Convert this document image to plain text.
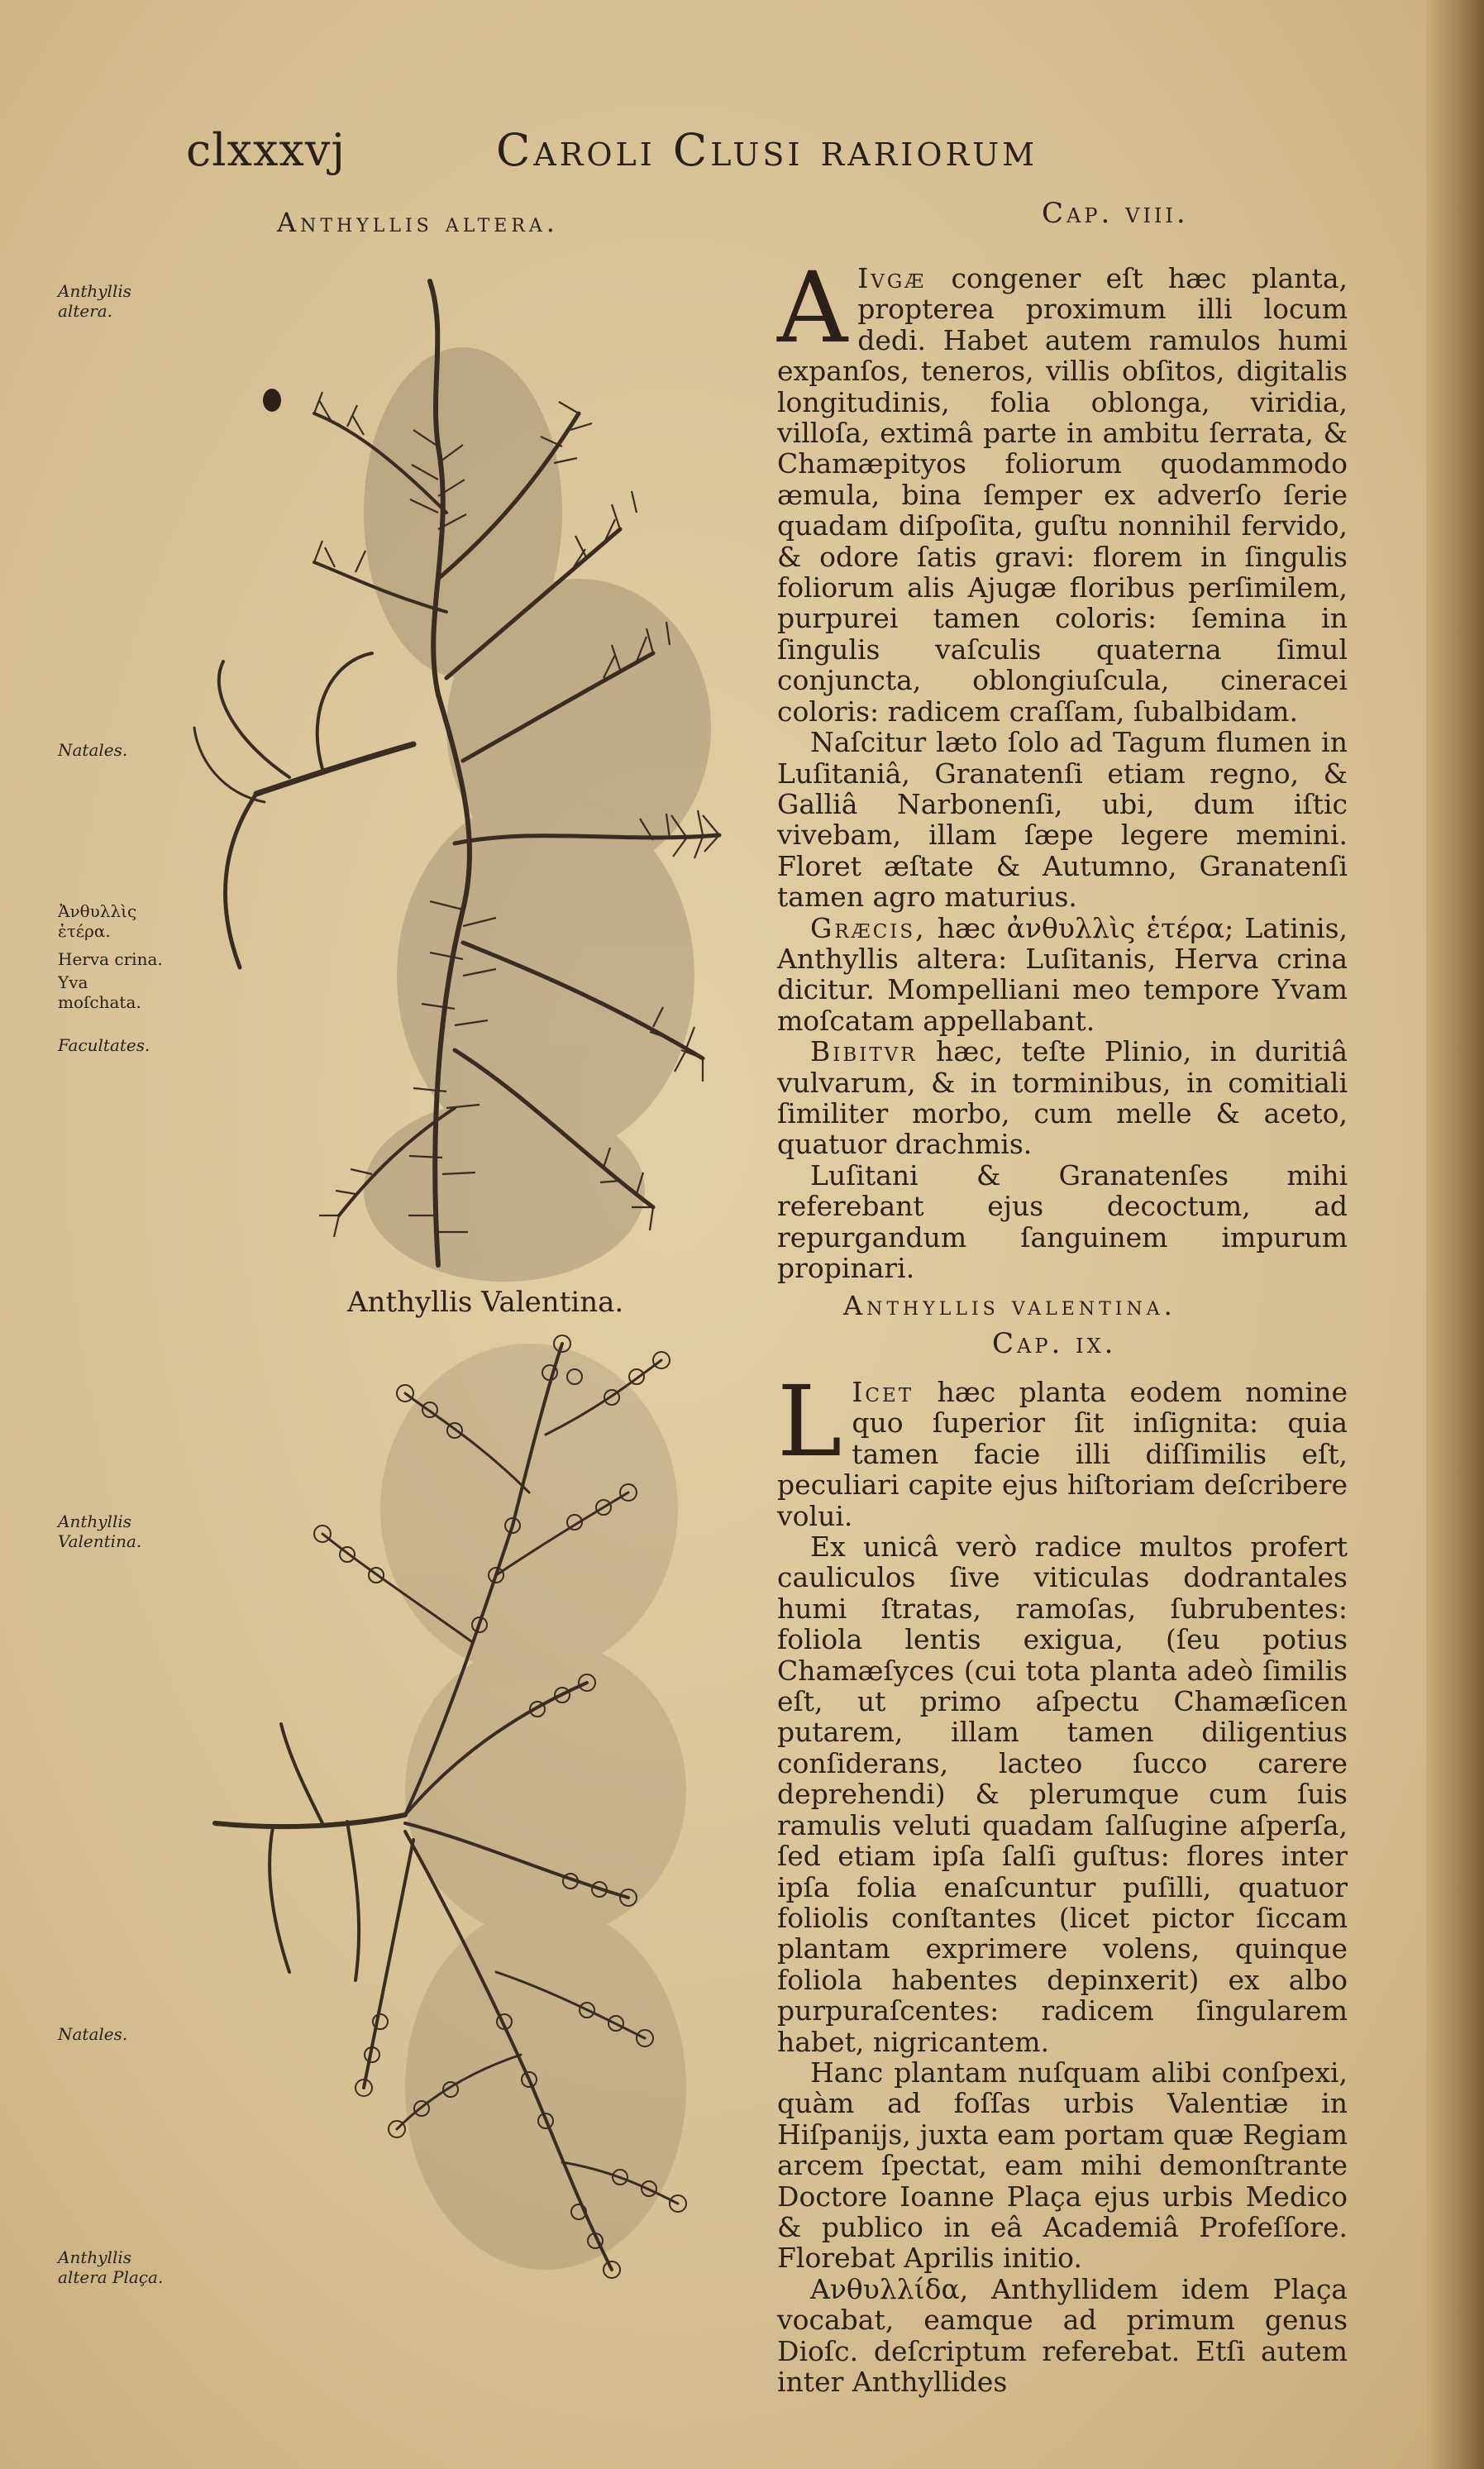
clxxxvj	Caroli Clusi rariorum
Anthyllis altera.	Cap. viii.
Anthyllis altera.
Natales.
Ἀνθυλλὶς ἑτέρα.
Herva crina.
Yva moſchata.
Facultates.
Anthyllis Valentina.
Natales.
Anthyllis altera Plaça.

A Ivgæ congener eſt hæc planta, propterea proximum illi locum dedi. Habet autem ramulos humi expanſos, teneros, villis obſitos, digitalis longitudinis, folia oblonga, viridia, villoſa, extimâ parte in ambitu ſerrata, & Chamæpityos foliorum quodammodo æmula, bina ſemper ex adverſo ſerie quadam diſpoſita, guſtu nonnihil fervido, & odore ſatis gravi: florem in ſingulis foliorum alis Ajugæ floribus perſimilem, purpurei tamen coloris: ſemina in ſingulis vaſculis quaterna ſimul conjuncta, oblongiuſcula, cineracei coloris: radicem craſſam, ſubalbidam.

Naſcitur læto ſolo ad Tagum flumen in Luſitaniâ, Granatenſi etiam regno, & Galliâ Narbonenſi, ubi, dum iſtic vivebam, illam ſæpe legere memini. Floret æſtate & Autumno, Granatenſi tamen agro maturius.

Græcis, hæc ἀνθυλλὶς ἑτέρα; Latinis, Anthyllis altera: Luſitanis, Herva crina dicitur. Mompelliani meo tempore Yvam moſcatam appellabant.

Bibitvr hæc, teſte Plinio, in duritiâ vulvarum, & in torminibus, in comitiali ſimiliter morbo, cum melle & aceto, quatuor drachmis.

Luſitani & Granatenſes mihi referebant ejus decoctum, ad repurgandum ſanguinem impurum propinari.

Anthyllis Valentina.	Anthyllis valentina.
Cap. ix.

L Icet hæc planta eodem nomine quo ſuperior ſit inſignita: quia tamen facie illi diſſimilis eſt, peculiari capite ejus hiſtoriam deſcribere volui.

Ex unicâ verò radice multos profert cauliculos ſive viticulas dodrantales humi ſtratas, ramoſas, ſubrubentes: foliola lentis exigua, (ſeu potius Chamæſyces (cui tota planta adeò ſimilis eſt, ut primo aſpectu Chamæſicen putarem, illam tamen diligentius conſiderans, lacteo ſucco carere deprehendi) & plerumque cum ſuis ramulis veluti quadam ſalſugine aſperſa, ſed etiam ipſa ſalſi guſtus: flores inter ipſa folia enaſcuntur puſilli, quatuor foliolis conſtantes (licet pictor ſiccam plantam exprimere volens, quinque foliola habentes depinxerit) ex albo purpuraſcentes: radicem ſingularem habet, nigricantem.

Hanc plantam nuſquam alibi conſpexi, quàm ad foſſas urbis Valentiæ in Hiſpanijs, juxta eam portam quæ Regiam arcem ſpectat, eam mihi demonſtrante Doctore Ioanne Plaça ejus urbis Medico & publico in eâ Academiâ Profeſſore. Florebat Aprilis initio.

Ανθυλλίδα, Anthyllidem idem Plaça vocabat, eamque ad primum genus Dioſc. deſcriptum referebat. Etſi autem inter Anthyllides
